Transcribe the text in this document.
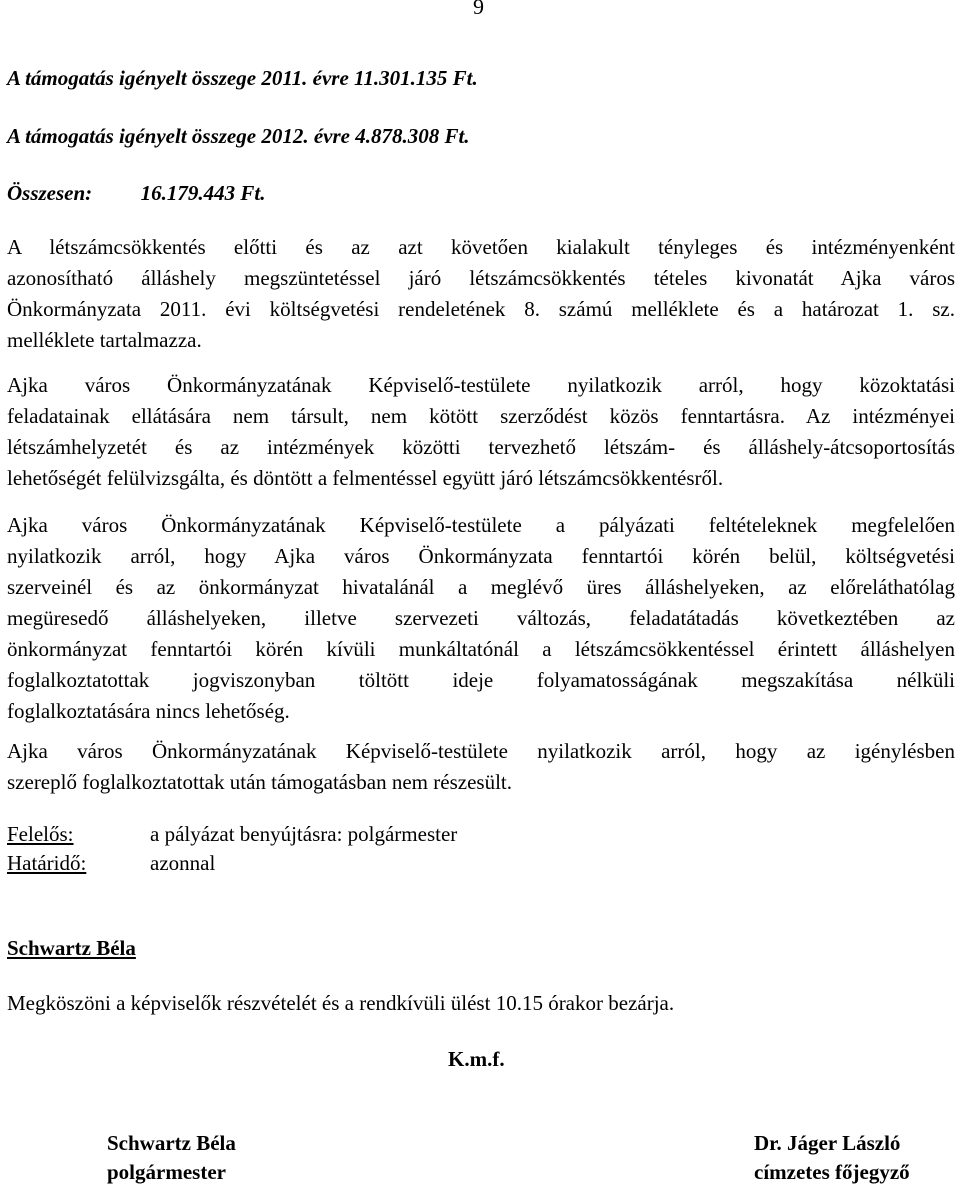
9
A támogatás igényelt összege 2011. évre 11.301.135 Ft.
A támogatás igényelt összege 2012. évre 4.878.308 Ft.
Összesen: 16.179.443 Ft.

A létszámcsökkentés előtti és az azt követően kialakult tényleges és intézményenként
azonosítható álláshely megszüntetéssel járó létszámcsökkentés tételes kivonatát Ajka város
Önkormányzata 2011. évi költségvetési rendeletének 8. számú melléklete és a határozat 1. sz.
melléklete tartalmazza.

Ajka város Önkormányzatának Képviselő-testülete nyilatkozik arról, hogy közoktatási
feladatainak ellátására nem társult, nem kötött szerződést közös fenntartásra. Az intézményei
létszámhelyzetét és az intézmények közötti tervezhető létszám- és álláshely-átcsoportosítás
lehetőségét felülvizsgálta, és döntött a felmentéssel együtt járó létszámcsökkentésről.

Ajka város Önkormányzatának Képviselő-testülete a pályázati feltételeknek megfelelően
nyilatkozik arról, hogy Ajka város Önkormányzata fenntartói körén belül, költségvetési
szerveinél és az önkormányzat hivatalánál a meglévő üres álláshelyeken, az előreláthatólag
megüresedő álláshelyeken, illetve szervezeti változás, feladatátadás következtében az
önkormányzat fenntartói körén kívüli munkáltatónál a létszámcsökkentéssel érintett álláshelyen
foglalkoztatottak jogviszonyban töltött ideje folyamatosságának megszakítása nélküli
foglalkoztatására nincs lehetőség.

Ajka város Önkormányzatának Képviselő-testülete nyilatkozik arról, hogy az igénylésben
szereplő foglalkoztatottak után támogatásban nem részesült.

Felelős:	a pályázat benyújtásra: polgármester
Határidő:	azonnal
Schwartz Béla
Megköszöni a képviselők részvételét és a rendkívüli ülést 10.15 órakor bezárja.
K.m.f.
Schwartz Béla
polgármester
Dr. Jáger László
címzetes főjegyző
